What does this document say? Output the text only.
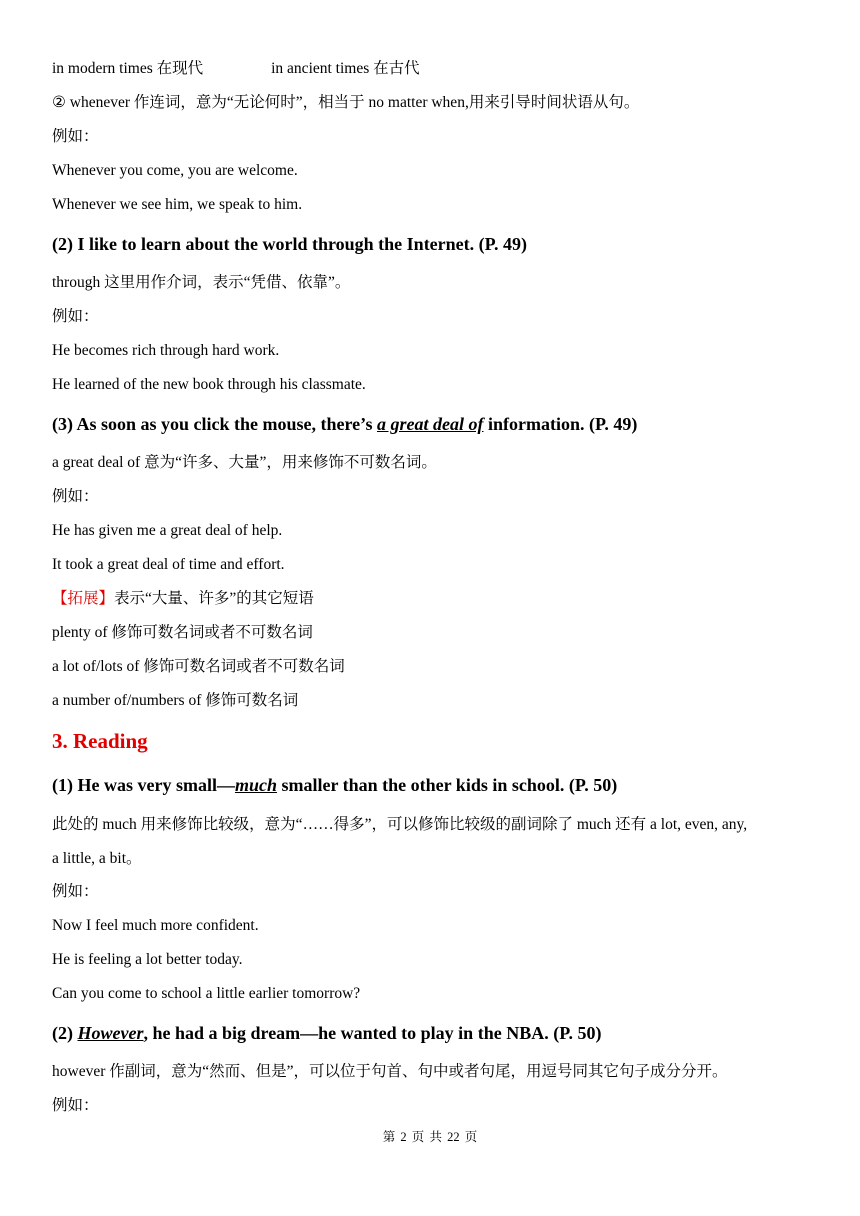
in modern times 在现代	in ancient times 在古代

② whenever 作连词，意为“无论何时”，相当于 no matter when,用来引导时间状语从句。

例如：

Whenever you come, you are welcome.

Whenever we see him, we speak to him.

(2) I like to learn about the world through the Internet. (P. 49)

through 这里用作介词，表示“凭借、依靠”。

例如：

He becomes rich through hard work.

He learned of the new book through his classmate.

(3) As soon as you click the mouse, there’s a great deal of information. (P. 49)

a great deal of 意为“许多、大量”，用来修饰不可数名词。

例如：

He has given me a great deal of help.

It took a great deal of time and effort.

【拓展】表示“大量、许多”的其它短语

plenty of 修饰可数名词或者不可数名词

a lot of/lots of 修饰可数名词或者不可数名词

a number of/numbers of 修饰可数名词

3. Reading

(1) He was very small—much smaller than the other kids in school. (P. 50)

此处的 much 用来修饰比较级，意为“……得多”，可以修饰比较级的副词除了 much 还有 a lot, even, any,

a little, a bit。

例如：

Now I feel much more confident.

He is feeling a lot better today.

Can you come to school a little earlier tomorrow?

(2) However, he had a big dream—he wanted to play in the NBA. (P. 50)

however 作副词，意为“然而、但是”，可以位于句首、句中或者句尾，用逗号同其它句子成分分开。

例如：

第 2 页 共 22 页
